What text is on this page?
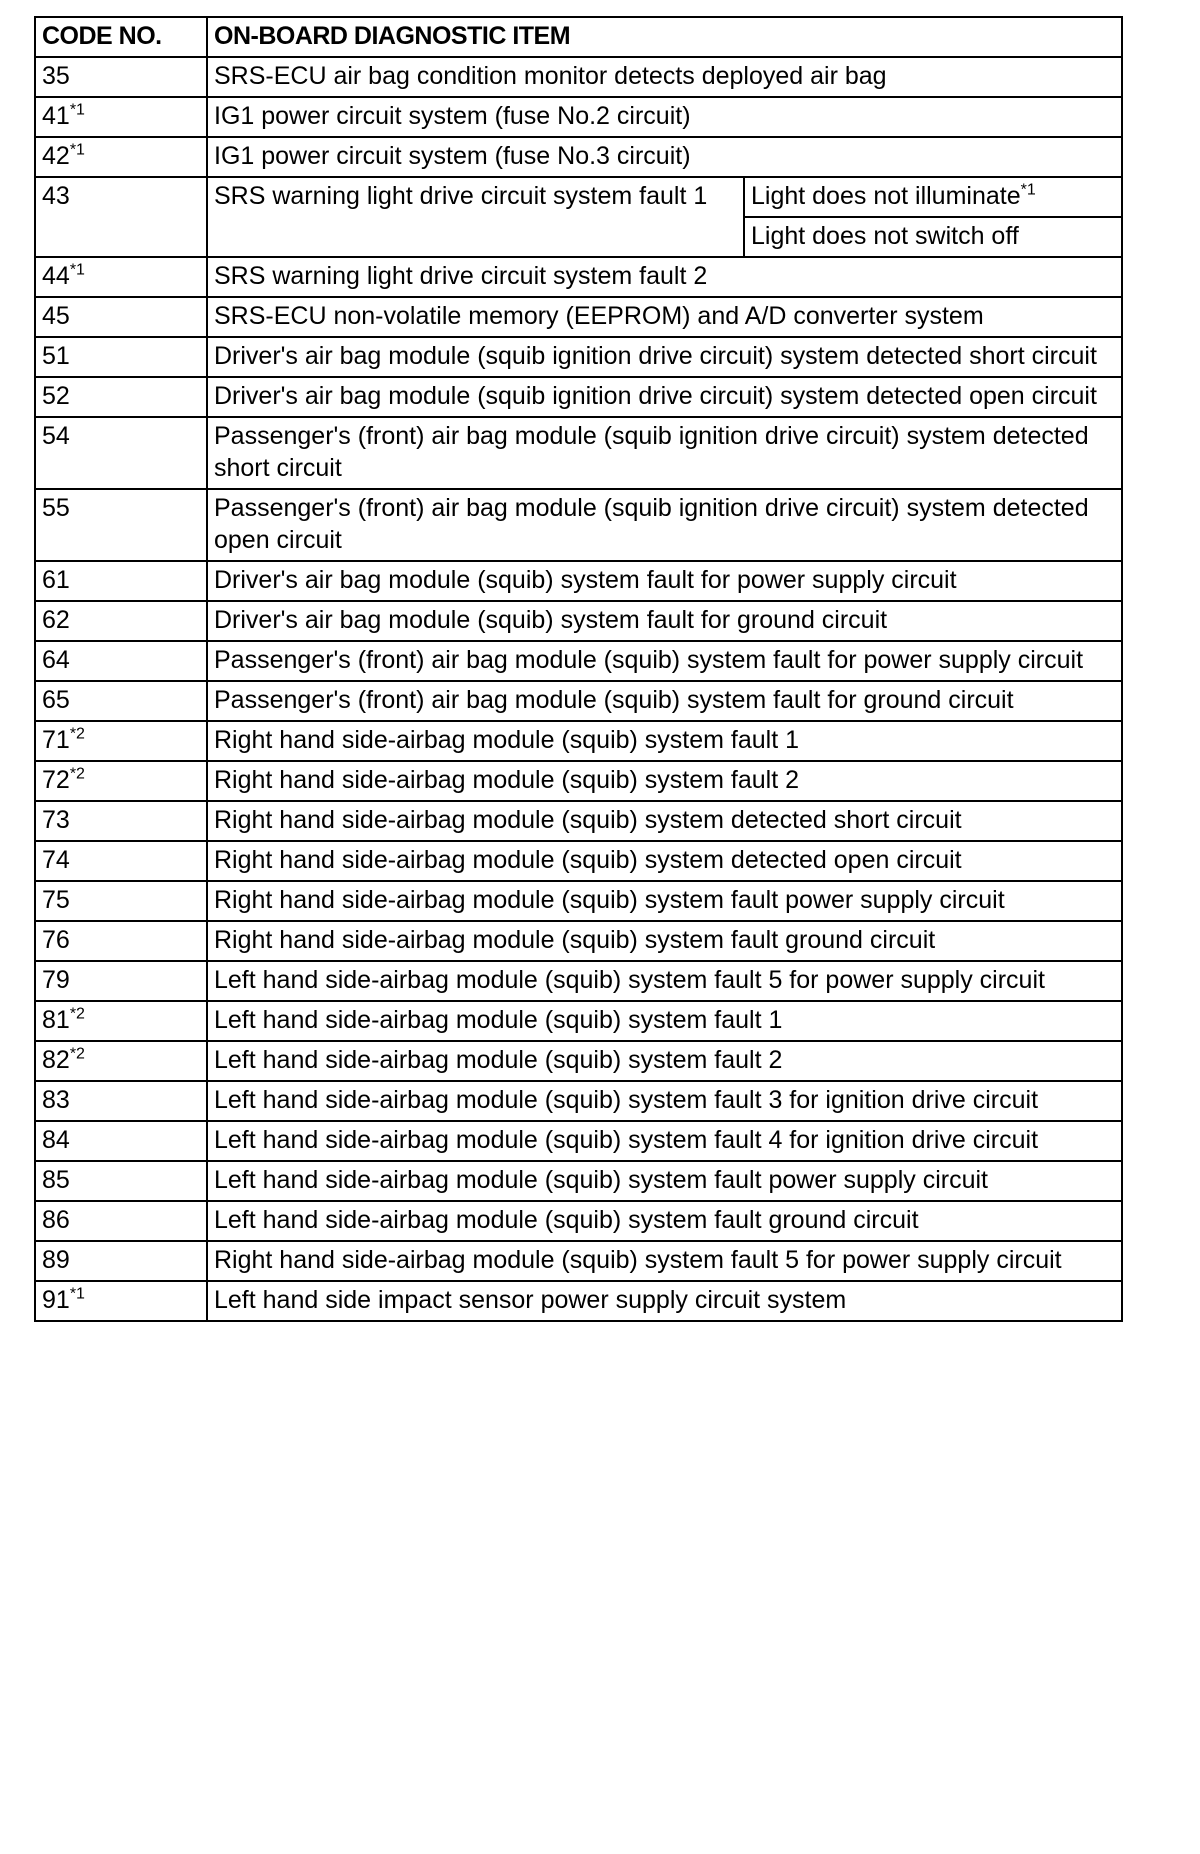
CODE NO.	ON-BOARD DIAGNOSTIC ITEM	
35	SRS-ECU air bag condition monitor detects deployed air bag	
41$^{*1}$	IG1 power circuit system (fuse No.2 circuit)	
42$^{*1}$	IG1 power circuit system (fuse No.3 circuit)	
43	SRS warning light drive circuit system fault 1	Light does not illuminate$^{*1}$
		Light does not switch off
44$^{*1}$	SRS warning light drive circuit system fault 2	
45	SRS-ECU non-volatile memory (EEPROM) and A/D converter system	
51	Driver's air bag module (squib ignition drive circuit) system detected short circuit	
52	Driver's air bag module (squib ignition drive circuit) system detected open circuit	
54	Passenger's (front) air bag module (squib ignition drive circuit) system detected short circuit	
55	Passenger's (front) air bag module (squib ignition drive circuit) system detected open circuit	
61	Driver's air bag module (squib) system fault for power supply circuit	
62	Driver's air bag module (squib) system fault for ground circuit	
64	Passenger's (front) air bag module (squib) system fault for power supply circuit	
65	Passenger's (front) air bag module (squib) system fault for ground circuit	
71$^{*2}$	Right hand side-airbag module (squib) system fault 1	
72$^{*2}$	Right hand side-airbag module (squib) system fault 2	
73	Right hand side-airbag module (squib) system detected short circuit	
74	Right hand side-airbag module (squib) system detected open circuit	
75	Right hand side-airbag module (squib) system fault power supply circuit	
76	Right hand side-airbag module (squib) system fault ground circuit	
79	Left hand side-airbag module (squib) system fault 5 for power supply circuit	
81$^{*2}$	Left hand side-airbag module (squib) system fault 1	
82$^{*2}$	Left hand side-airbag module (squib) system fault 2	
83	Left hand side-airbag module (squib) system fault 3 for ignition drive circuit	
84	Left hand side-airbag module (squib) system fault 4 for ignition drive circuit	
85	Left hand side-airbag module (squib) system fault power supply circuit	
86	Left hand side-airbag module (squib) system fault ground circuit	
89	Right hand side-airbag module (squib) system fault 5 for power supply circuit	
91$^{*1}$	Left hand side impact sensor power supply circuit system	
